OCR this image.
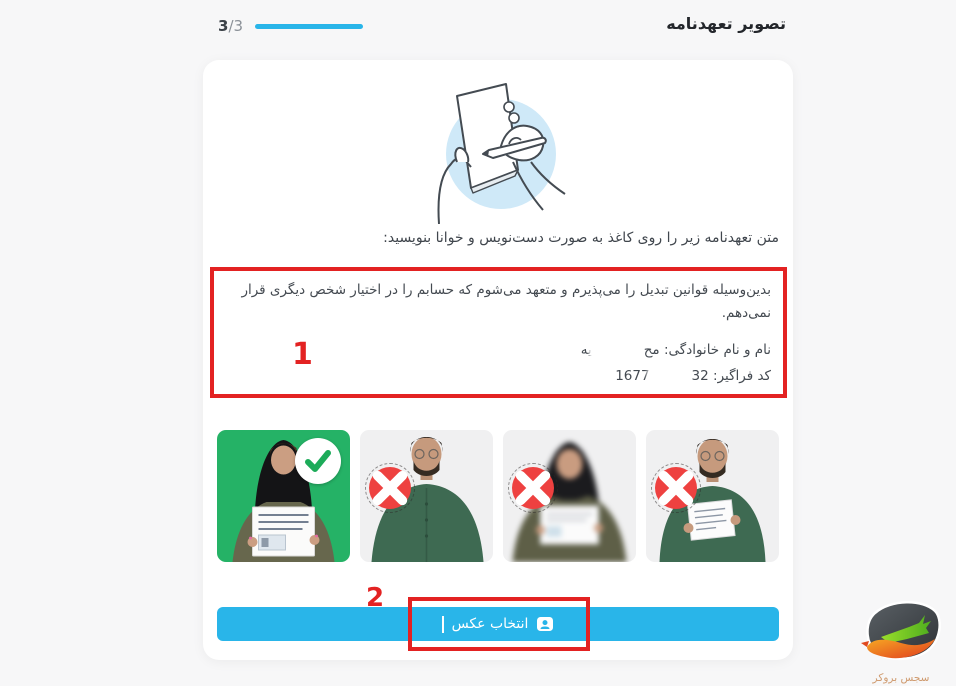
تصویر تعهدنامه
3 /3
متن تعهدنامه زیر را روی کاغذ به صورت دست‌نویس و خوانا بنویسید:

بدین‌وسیله قوانین تبدیل را می‌پذیرم و متعهد می‌شوم که حسابم را در اختیار شخص دیگری قرار نمی‌دهم.

نام و نام خانوادگی: محیه
کد فراگیر: 1677	32
1
انتخاب عکس
2
سجس بروکر
